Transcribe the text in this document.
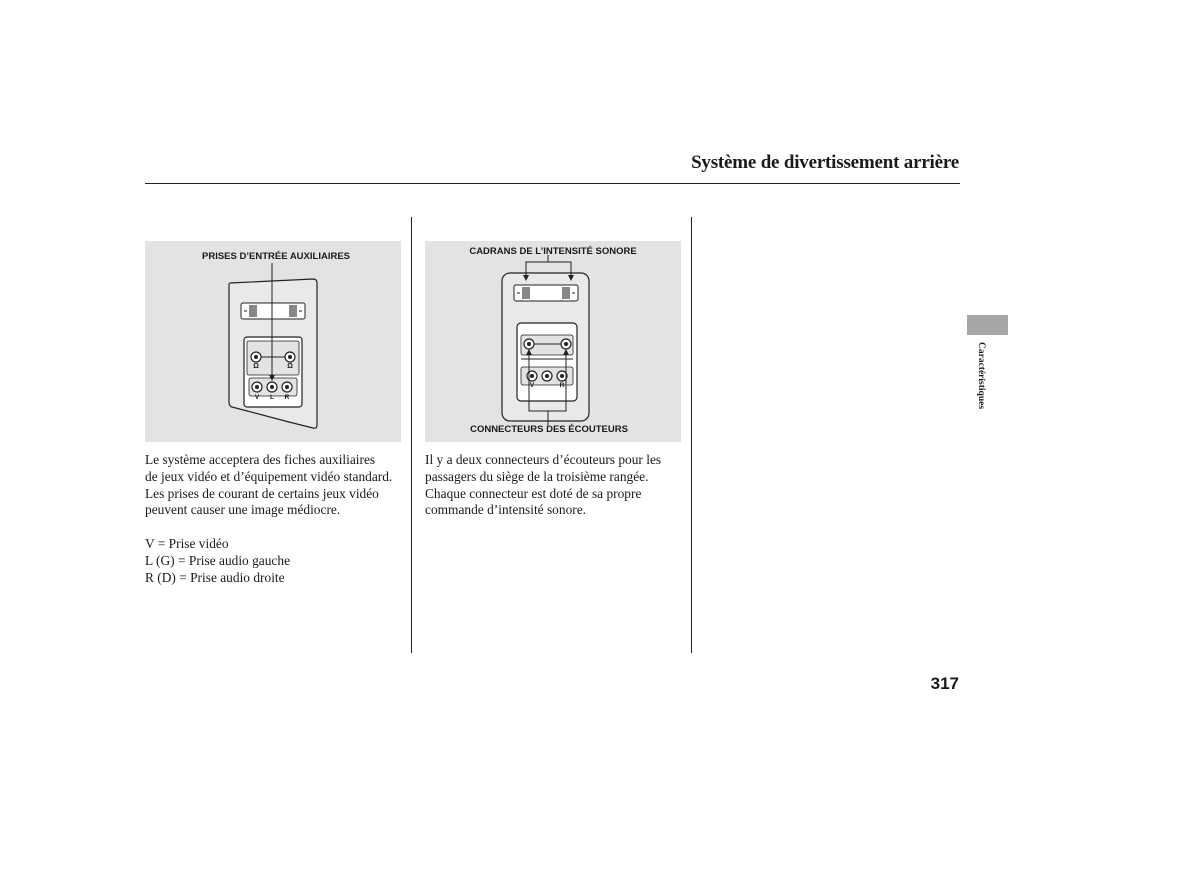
Système de divertissement arrière
PRISES D’ENTRÉE AUXILIAIRES
Ω	Ω
V L R
CADRANS DE L’INTENSITÉ SONORE
V	R
CONNECTEURS DES ÉCOUTEURS

Le système acceptera des fiches auxiliaires

de jeux vidéo et d’équipement vidéo standard.

Les prises de courant de certains jeux vidéo

peuvent causer une image médiocre.

V = Prise vidéo

L (G) = Prise audio gauche

R (D) = Prise audio droite

Il y a deux connecteurs d’écouteurs pour les

passagers du siège de la troisième rangée.

Chaque connecteur est doté de sa propre

commande d’intensité sonore.

Caractéristiques
317
